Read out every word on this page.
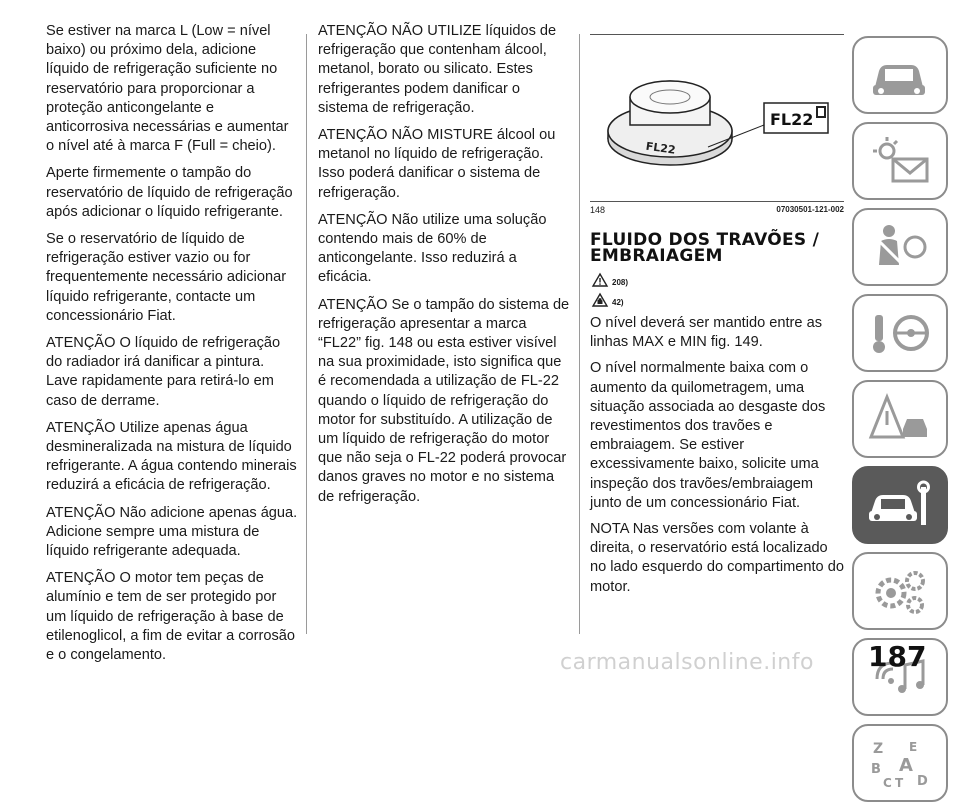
Se estiver na marca L (Low = nível baixo) ou próximo dela, adicione líquido de refrigeração suficiente no reservatório para proporcionar a proteção anticongelante e anticorrosiva necessárias e aumentar o nível até à marca F (Full = cheio).

Aperte firmemente o tampão do reservatório de líquido de refrigeração após adicionar o líquido refrigerante.

Se o reservatório de líquido de refrigeração estiver vazio ou for frequentemente necessário adicionar líquido refrigerante, contacte um concessionário Fiat.

ATENÇÃO O líquido de refrigeração do radiador irá danificar a pintura. Lave rapidamente para retirá-lo em caso de derrame.

ATENÇÃO Utilize apenas água desmineralizada na mistura de líquido refrigerante. A água contendo minerais reduzirá a eficácia de refrigeração.

ATENÇÃO Não adicione apenas água. Adicione sempre uma mistura de líquido refrigerante adequada.

ATENÇÃO O motor tem peças de alumínio e tem de ser protegido por um líquido de refrigeração à base de etilenoglicol, a fim de evitar a corrosão e o congelamento.

ATENÇÃO NÃO UTILIZE líquidos de refrigeração que contenham álcool, metanol, borato ou silicato. Estes refrigerantes podem danificar o sistema de refrigeração.

ATENÇÃO NÃO MISTURE álcool ou metanol no líquido de refrigeração. Isso poderá danificar o sistema de refrigeração.

ATENÇÃO Não utilize uma solução contendo mais de 60% de anticongelante. Isso reduzirá a eficácia.

ATENÇÃO Se o tampão do sistema de refrigeração apresentar a marca “FL22” fig. 148 ou esta estiver visível na sua proximidade, isto significa que é recomendada a utilização de FL-22 quando o líquido de refrigeração do motor for substituído. A utilização de um líquido de refrigeração do motor que não seja o FL-22 poderá provocar danos graves no motor e no sistema de refrigeração.

FL22
FL22
148	07030501-121-002
FLUIDO DOS TRAVÕES /
EMBRAIAGEM
208)
42)

O nível deverá ser mantido entre as linhas MAX e MIN fig. 149.

O nível normalmente baixa com o aumento da quilometragem, uma situação associada ao desgaste dos revestimentos dos travões e embraiagem. Se estiver excessivamente baixo, solicite uma inspeção dos travões/embraiagem junto de um concessionário Fiat.

NOTA Nas versões com volante à direita, o reservatório está localizado no lado esquerdo do compartimento do motor.

Z E
B A
C T D
carmanualsonline.info 187
